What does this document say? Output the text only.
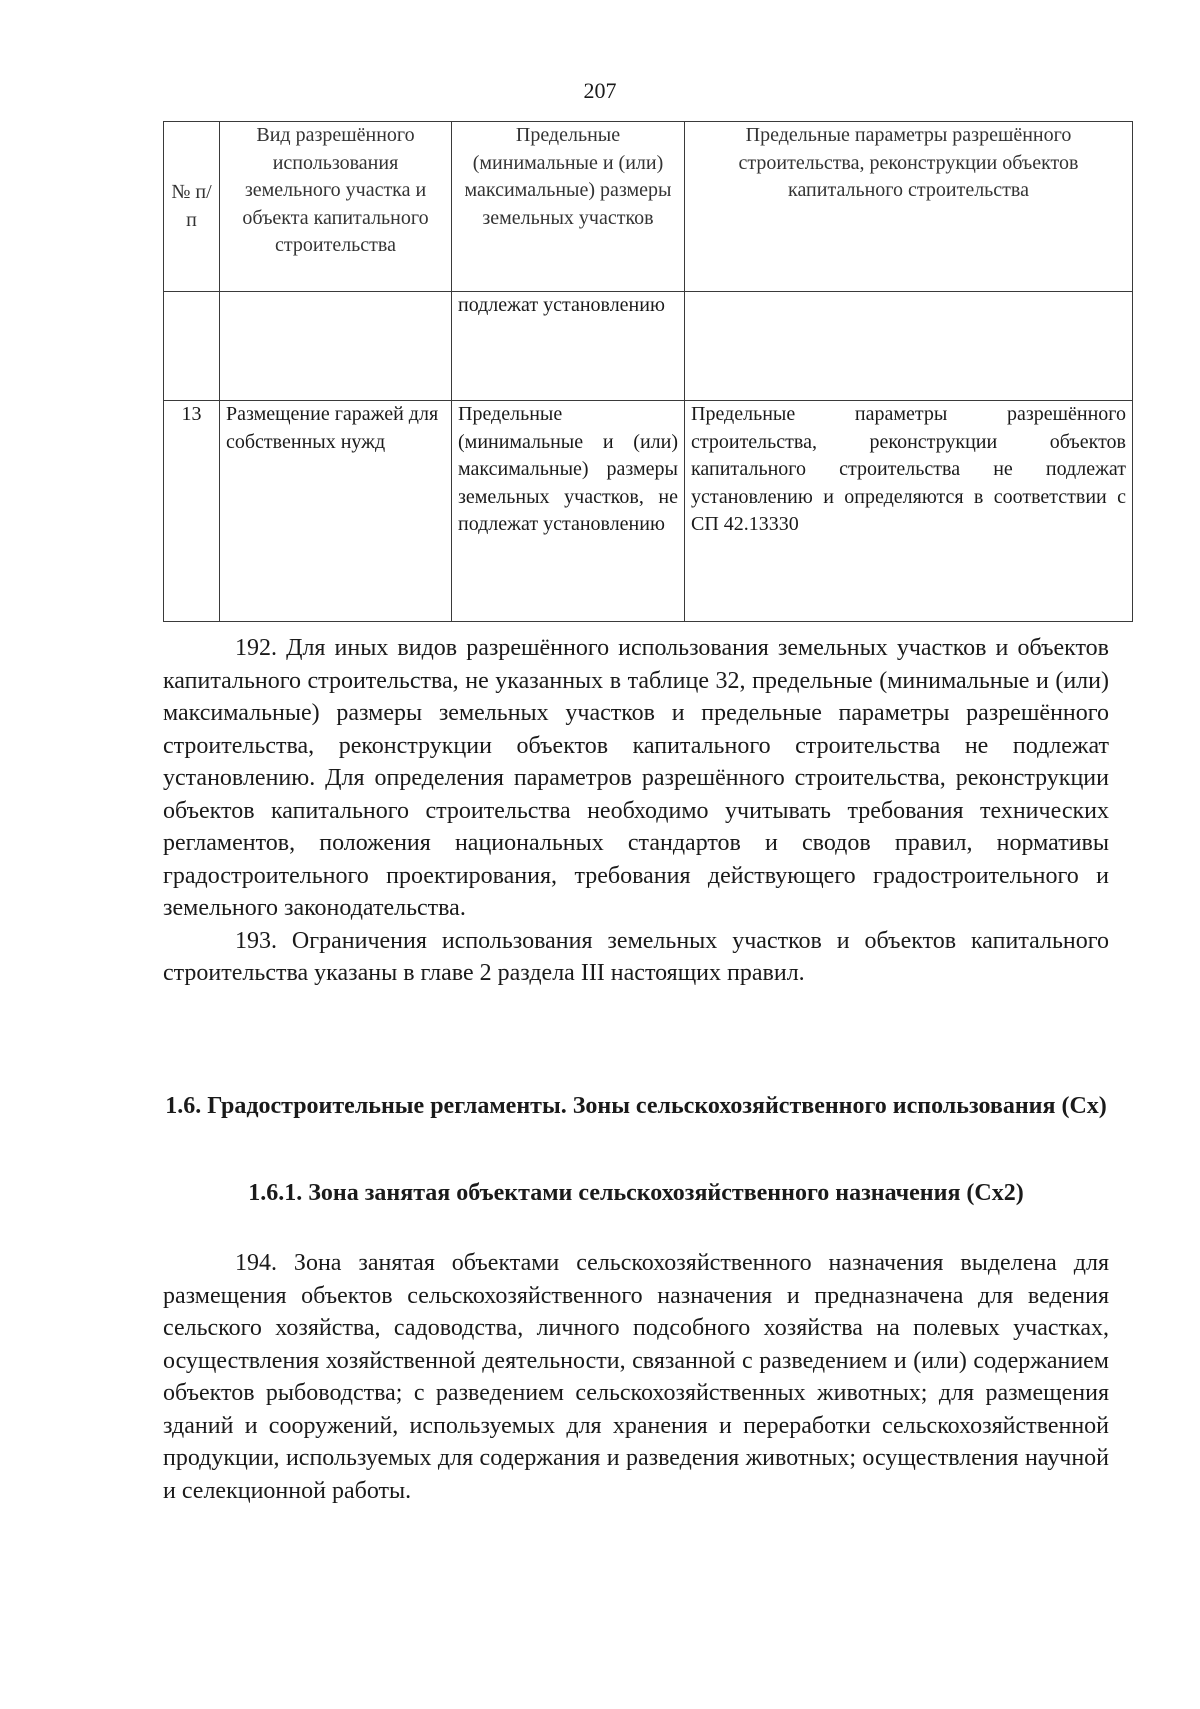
207
№ п/п	Вид разрешённого использования земельного участка и объекта капитального строительства	Предельные (минимальные и (или) максимальные) размеры земельных участков	Предельные параметры разрешённого строительства, реконструкции объектов капитального строительства
		подлежат установлению	
13	Размещение гаражей для собственных нужд	Предельные (минимальные и (или) максимальные) размеры земельных участков, не подлежат установлению	Предельные параметры разрешённого строительства, реконструкции объектов капитального строительства не подлежат установлению и определяются в соответствии с СП 42.13330

192. Для иных видов разрешённого использования земельных участков и объектов капитального строительства, не указанных в таблице 32, предельные (минимальные и (или) максимальные) размеры земельных участков и предельные параметры разрешённого строительства, реконструкции объектов капитального строительства не подлежат установлению. Для определения параметров разрешённого строительства, реконструкции объектов капитального строительства необходимо учитывать требования технических регламентов, положения национальных стандартов и сводов правил, нормативы градостроительного проектирования, требования действующего градостроительного и земельного законодательства.

193. Ограничения использования земельных участков и объектов капитального строительства указаны в главе 2 раздела III настоящих правил.

1.6. Градостроительные регламенты. Зоны сельскохозяйственного использования (Сх)
1.6.1. Зона занятая объектами сельскохозяйственного назначения (Сх2)

194. Зона занятая объектами сельскохозяйственного назначения выделена для размещения объектов сельскохозяйственного назначения и предназначена для ведения сельского хозяйства, садоводства, личного подсобного хозяйства на полевых участках, осуществления хозяйственной деятельности, связанной с разведением и (или) содержанием объектов рыбоводства; с разведением сельскохозяйственных животных; для размещения зданий и сооружений, используемых для хранения и переработки сельскохозяйственной продукции, используемых для содержания и разведения животных; осуществления научной и селекционной работы.
